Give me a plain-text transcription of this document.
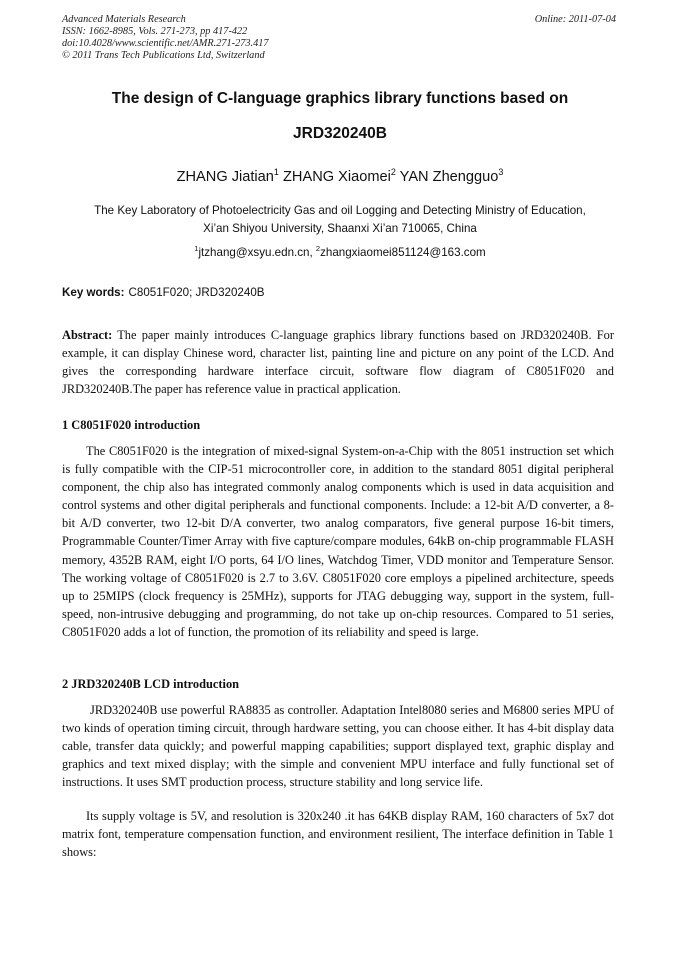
Advanced Materials Research
ISSN: 1662-8985, Vols. 271-273, pp 417-422
doi:10.4028/www.scientific.net/AMR.271-273.417
© 2011 Trans Tech Publications Ltd, Switzerland
Online: 2011-07-04
The design of C-language graphics library functions based on
JRD320240B
ZHANG Jiatian$^1$ ZHANG Xiaomei$^2$ YAN Zhengguo$^3$
The Key Laboratory of Photoelectricity Gas and oil Logging and Detecting Ministry of Education,
Xi’an Shiyou University, Shaanxi Xi’an 710065, China
$^1$jtzhang@xsyu.edn.cn, $^2$zhangxiaomei851124@163.com
Key words: C8051F020; JRD320240B
Abstract: The paper mainly introduces C-language graphics library functions based on JRD320240B. For example, it can display Chinese word, character list, painting line and picture on any point of the LCD. And gives the corresponding hardware interface circuit, software flow diagram of C8051F020 and JRD320240B.The paper has reference value in practical application.
1 C8051F020 introduction
The C8051F020 is the integration of mixed-signal System-on-a-Chip with the 8051 instruction set which is fully compatible with the CIP-51 microcontroller core, in addition to the standard 8051 digital peripheral component, the chip also has integrated commonly analog components which is used in data acquisition and control systems and other digital peripherals and functional components. Include: a 12-bit A/D converter, a 8-bit A/D converter, two 12-bit D/A converter, two analog comparators, five general purpose 16-bit timers, Programmable Counter/Timer Array with five capture/compare modules, 64kB on-chip programmable FLASH memory, 4352B RAM, eight I/O ports, 64 I/O lines, Watchdog Timer, VDD monitor and Temperature Sensor. The working voltage of C8051F020 is 2.7 to 3.6V. C8051F020 core employs a pipelined architecture, speeds up to 25MIPS (clock frequency is 25MHz), supports for JTAG debugging way, support in the system, full-speed, non-intrusive debugging and programming, do not take up on-chip resources. Compared to 51 series, C8051F020 adds a lot of function, the promotion of its reliability and speed is large.
2 JRD320240B LCD introduction
JRD320240B use powerful RA8835 as controller. Adaptation Intel8080 series and M6800 series MPU of two kinds of operation timing circuit, through hardware setting, you can choose either. It has 4-bit display data cable, transfer data quickly; and powerful mapping capabilities; support displayed text, graphic display and graphics and text mixed display; with the simple and convenient MPU interface and fully functional set of instructions. It uses SMT production process, structure stability and long service life.
Its supply voltage is 5V, and resolution is 320x240 .it has 64KB display RAM, 160 characters of 5x7 dot matrix font, temperature compensation function, and environment resilient, The interface definition in Table 1 shows:
